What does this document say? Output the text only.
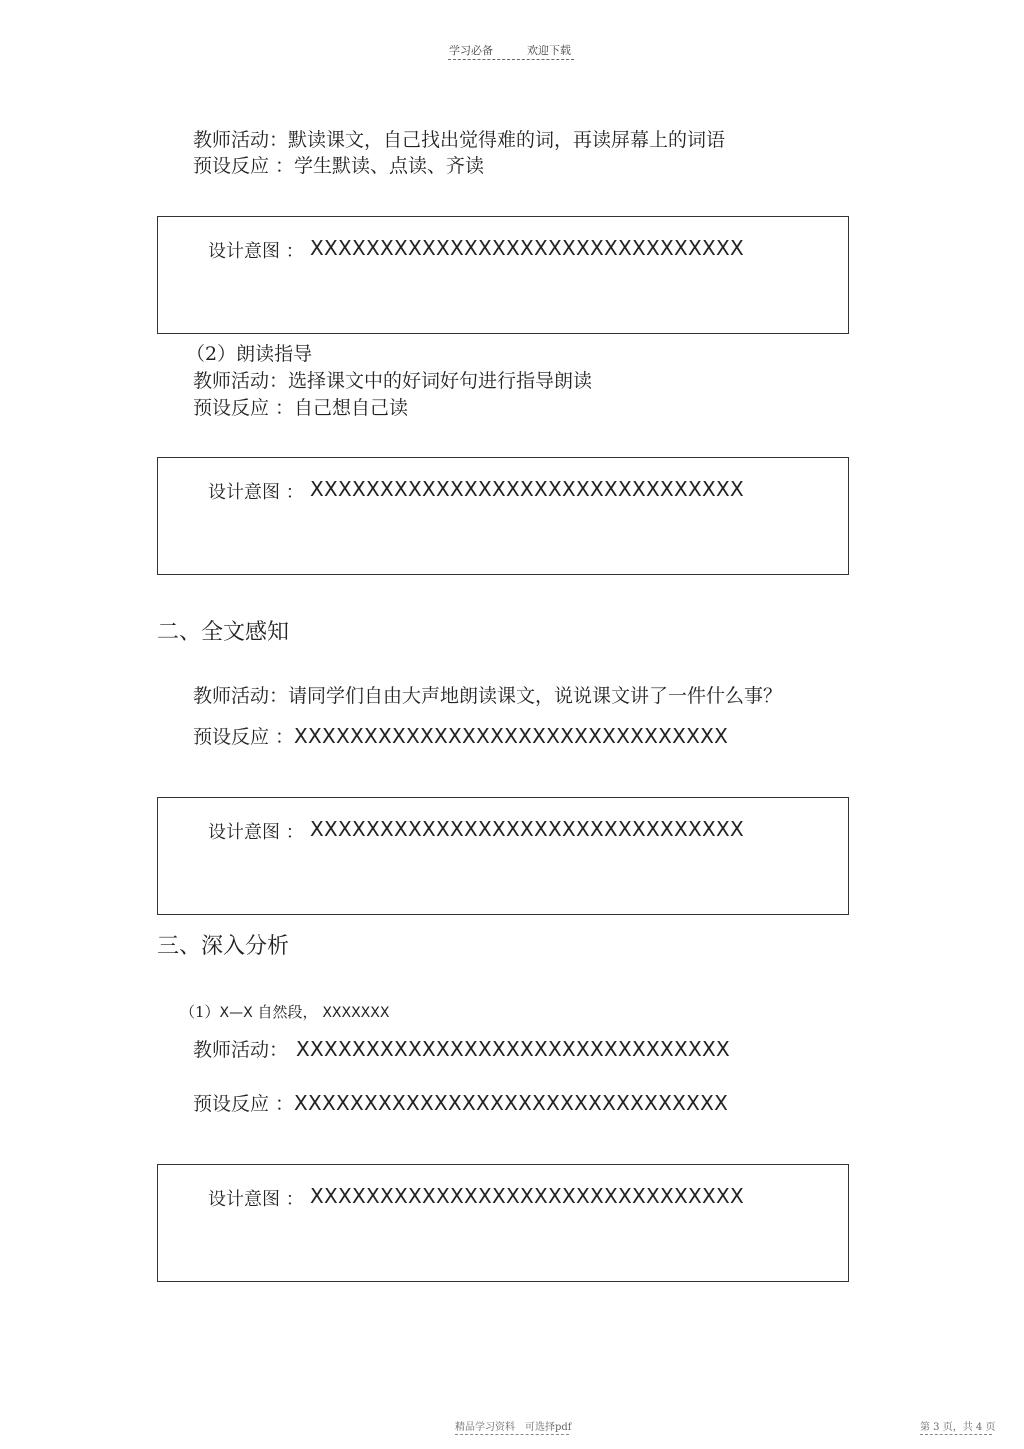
学习必备	欢迎下载
教师活动：默读课文，自己找出觉得难的词，再读屏幕上的词语
预设反应 ：学生默读、点读、齐读
设计意图 ： XXXXXXXXXXXXXXXXXXXXXXXXXXXXXXX
（2）朗读指导
教师活动：选择课文中的好词好句进行指导朗读
预设反应 ：自己想自己读
设计意图 ： XXXXXXXXXXXXXXXXXXXXXXXXXXXXXXX
二、全文感知
教师活动：请同学们自由大声地朗读课文，说说课文讲了一件什么事？
预设反应 ：XXXXXXXXXXXXXXXXXXXXXXXXXXXXXXX
设计意图 ： XXXXXXXXXXXXXXXXXXXXXXXXXXXXXXX
三、深入分析
（1）X—X 自然段， XXXXXXX
教师活动： XXXXXXXXXXXXXXXXXXXXXXXXXXXXXXX
预设反应 ：XXXXXXXXXXXXXXXXXXXXXXXXXXXXXXX
设计意图 ： XXXXXXXXXXXXXXXXXXXXXXXXXXXXXXX
精品学习资料　可选择pdf	第 3 页，共 4 页
